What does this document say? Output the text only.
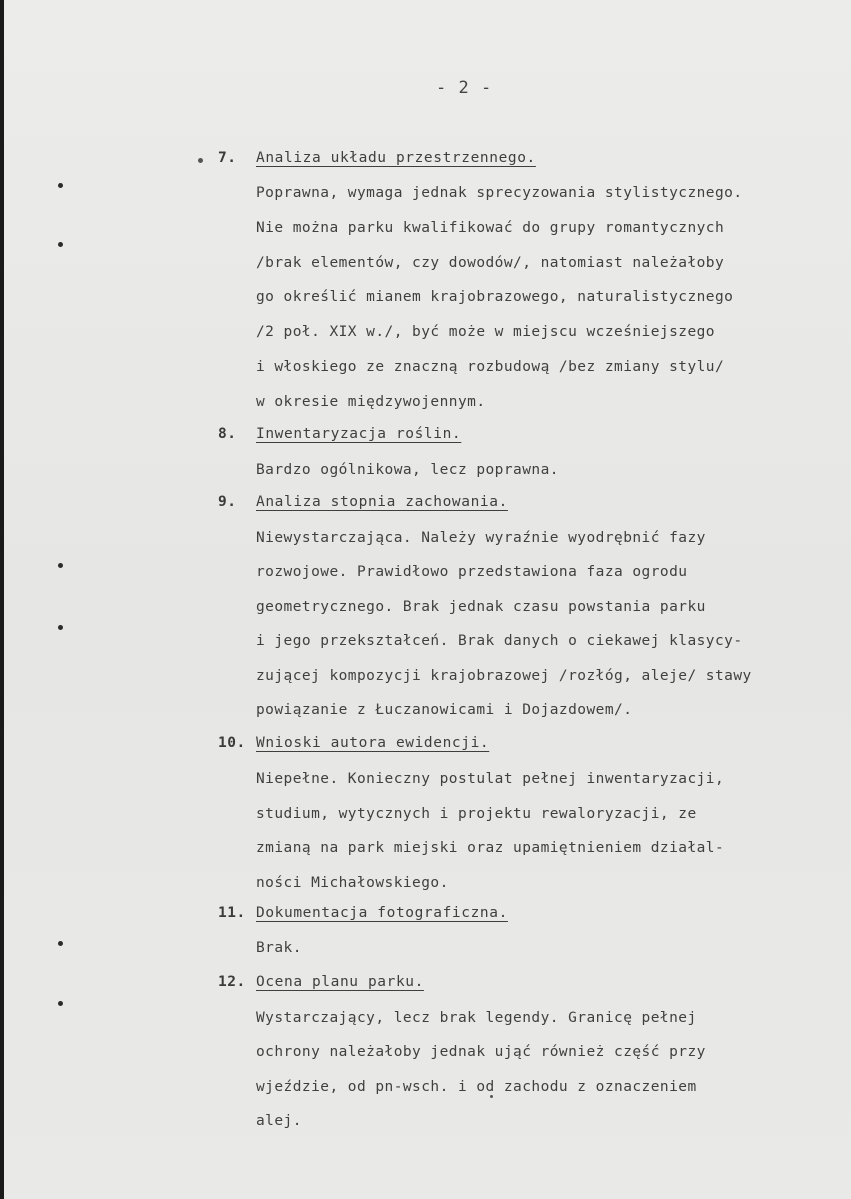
- 2 -
7. Analiza układu przestrzennego.
Poprawna, wymaga jednak sprecyzowania stylistycznego.
Nie można parku kwalifikować do grupy romantycznych
/brak elementów, czy dowodów/, natomiast należałoby
go określić mianem krajobrazowego, naturalistycznego
/2 poł. XIX w./, być może w miejscu wcześniejszego
i włoskiego ze znaczną rozbudową /bez zmiany stylu/
w okresie międzywojennym.
8. Inwentaryzacja roślin.
Bardzo ogólnikowa, lecz poprawna.
9. Analiza stopnia zachowania.
Niewystarczająca. Należy wyraźnie wyodrębnić fazy
rozwojowe. Prawidłowo przedstawiona faza ogrodu
geometrycznego. Brak jednak czasu powstania parku
i jego przekształceń. Brak danych o ciekawej klasycy-
zującej kompozycji krajobrazowej /rozłóg, aleje/ stawy
powiązanie z Łuczanowicami i Dojazdowem/.
10. Wnioski autora ewidencji.
Niepełne. Konieczny postulat pełnej inwentaryzacji,
studium, wytycznych i projektu rewaloryzacji, ze
zmianą na park miejski oraz upamiętnieniem działal-
ności Michałowskiego.
11. Dokumentacja fotograficzna.
Brak.
12. Ocena planu parku.
Wystarczający, lecz brak legendy. Granicę pełnej
ochrony należałoby jednak ująć również część przy
wjeździe, od pn-wsch. i od zachodu z oznaczeniem
alej.
